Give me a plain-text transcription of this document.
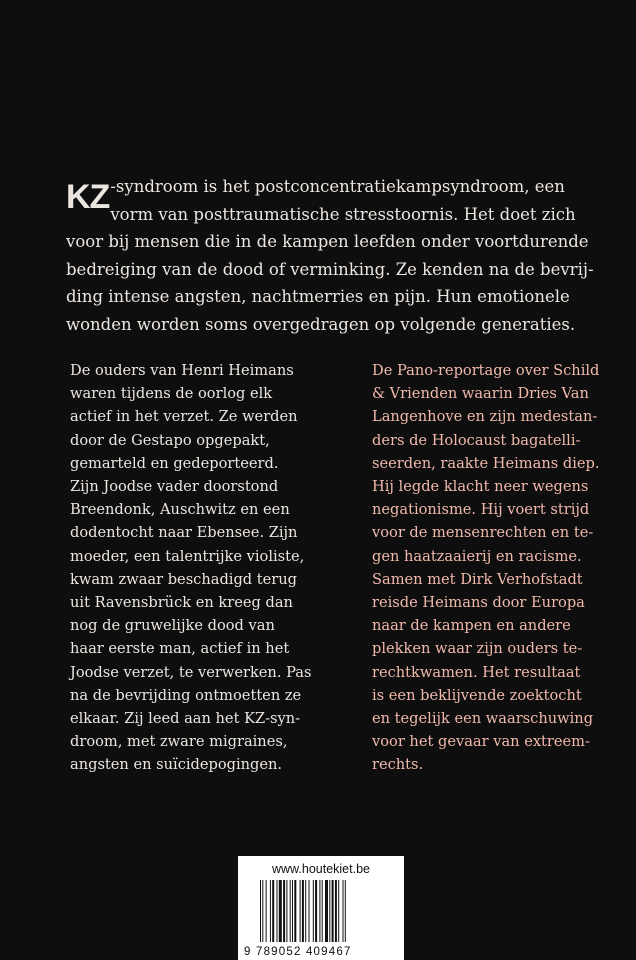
KZ -syndroom is het postconcentratiekampsyndroom, een
vorm van posttraumatische stresstoornis. Het doet zich
voor bij mensen die in de kampen leefden onder voortdurende
bedreiging van de dood of verminking. Ze kenden na de bevrij-
ding intense angsten, nachtmerries en pijn. Hun emotionele
wonden worden soms overgedragen op volgende generaties.
De ouders van Henri Heimans
waren tijdens de oorlog elk
actief in het verzet. Ze werden
door de Gestapo opgepakt,
gemarteld en gedeporteerd.
Zijn Joodse vader doorstond
Breendonk, Auschwitz en een
dodentocht naar Ebensee. Zijn
moeder, een talentrijke violiste,
kwam zwaar beschadigd terug
uit Ravensbrück en kreeg dan
nog de gruwelijke dood van
haar eerste man, actief in het
Joodse verzet, te verwerken. Pas
na de bevrijding ontmoetten ze
elkaar. Zij leed aan het KZ-syn-
droom, met zware migraines,
angsten en suïcidepogingen.
De Pano-reportage over Schild
& Vrienden waarin Dries Van
Langenhove en zijn medestan-
ders de Holocaust bagatelli-
seerden, raakte Heimans diep.
Hij legde klacht neer wegens
negationisme. Hij voert strijd
voor de mensenrechten en te-
gen haatzaaierij en racisme.
Samen met Dirk Verhofstadt
reisde Heimans door Europa
naar de kampen en andere
plekken waar zijn ouders te-
rechtkwamen. Het resultaat
is een beklijvende zoektocht
en tegelijk een waarschuwing
voor het gevaar van extreem-
rechts.
www.houtekiet.be
9 789052 409467
